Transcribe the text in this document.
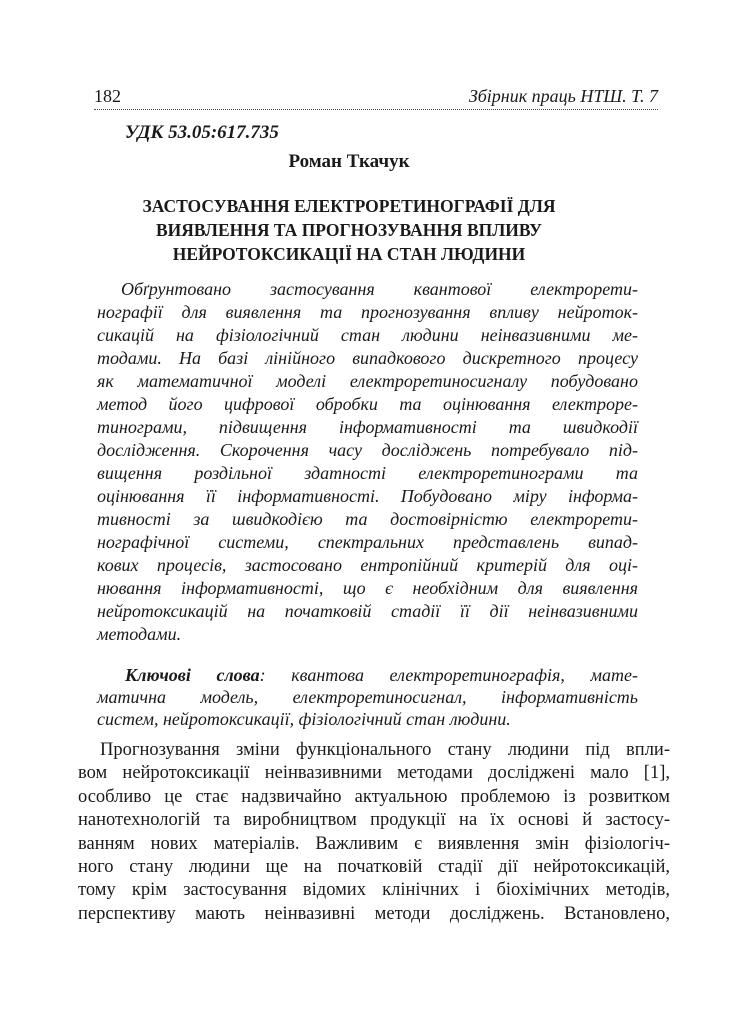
182	Збірник праць НТШ. Т. 7
УДК 53.05:617.735
Роман Ткачук
ЗАСТОСУВАННЯ ЕЛЕКТРОРЕТИНОГРАФІЇ ДЛЯ
ВИЯВЛЕННЯ ТА ПРОГНОЗУВАННЯ ВПЛИВУ
НЕЙРОТОКСИКАЦІЇ НА СТАН ЛЮДИНИ
Обґрунтовано застосування квантової електрорети-
нографії для виявлення та прогнозування впливу нейроток-
сикацій на фізіологічний стан людини неінвазивними ме-
тодами. На базі лінійного випадкового дискретного процесу
як математичної моделі електроретиносигналу побудовано
метод його цифрової обробки та оцінювання електроре-
тинограми, підвищення інформативності та швидкодії
дослідження. Скорочення часу досліджень потребувало під-
вищення роздільної здатності електроретинограми та
оцінювання її інформативності. Побудовано міру інформа-
тивності за швидкодією та достовірністю електрорети-
нографічної системи, спектральних представлень випад-
кових процесів, застосовано ентропійний критерій для оці-
нювання інформативності, що є необхідним для виявлення
нейротоксикацій на початковій стадії її дії неінвазивними
методами.
Ключові слова: квантова електроретинографія, мате-
матична модель, електроретиносигнал, інформативність
систем, нейротоксикації, фізіологічний стан людини.
Прогнозування зміни функціонального стану людини під впли-
вом нейротоксикації неінвазивними методами досліджені мало [1],
особливо це стає надзвичайно актуальною проблемою із розвитком
нанотехнологій та виробництвом продукції на їх основі й застосу-
ванням нових матеріалів. Важливим є виявлення змін фізіологіч-
ного стану людини ще на початковій стадії дії нейротоксикацій,
тому крім застосування відомих клінічних і біохімічних методів,
перспективу мають неінвазивні методи досліджень. Встановлено,
